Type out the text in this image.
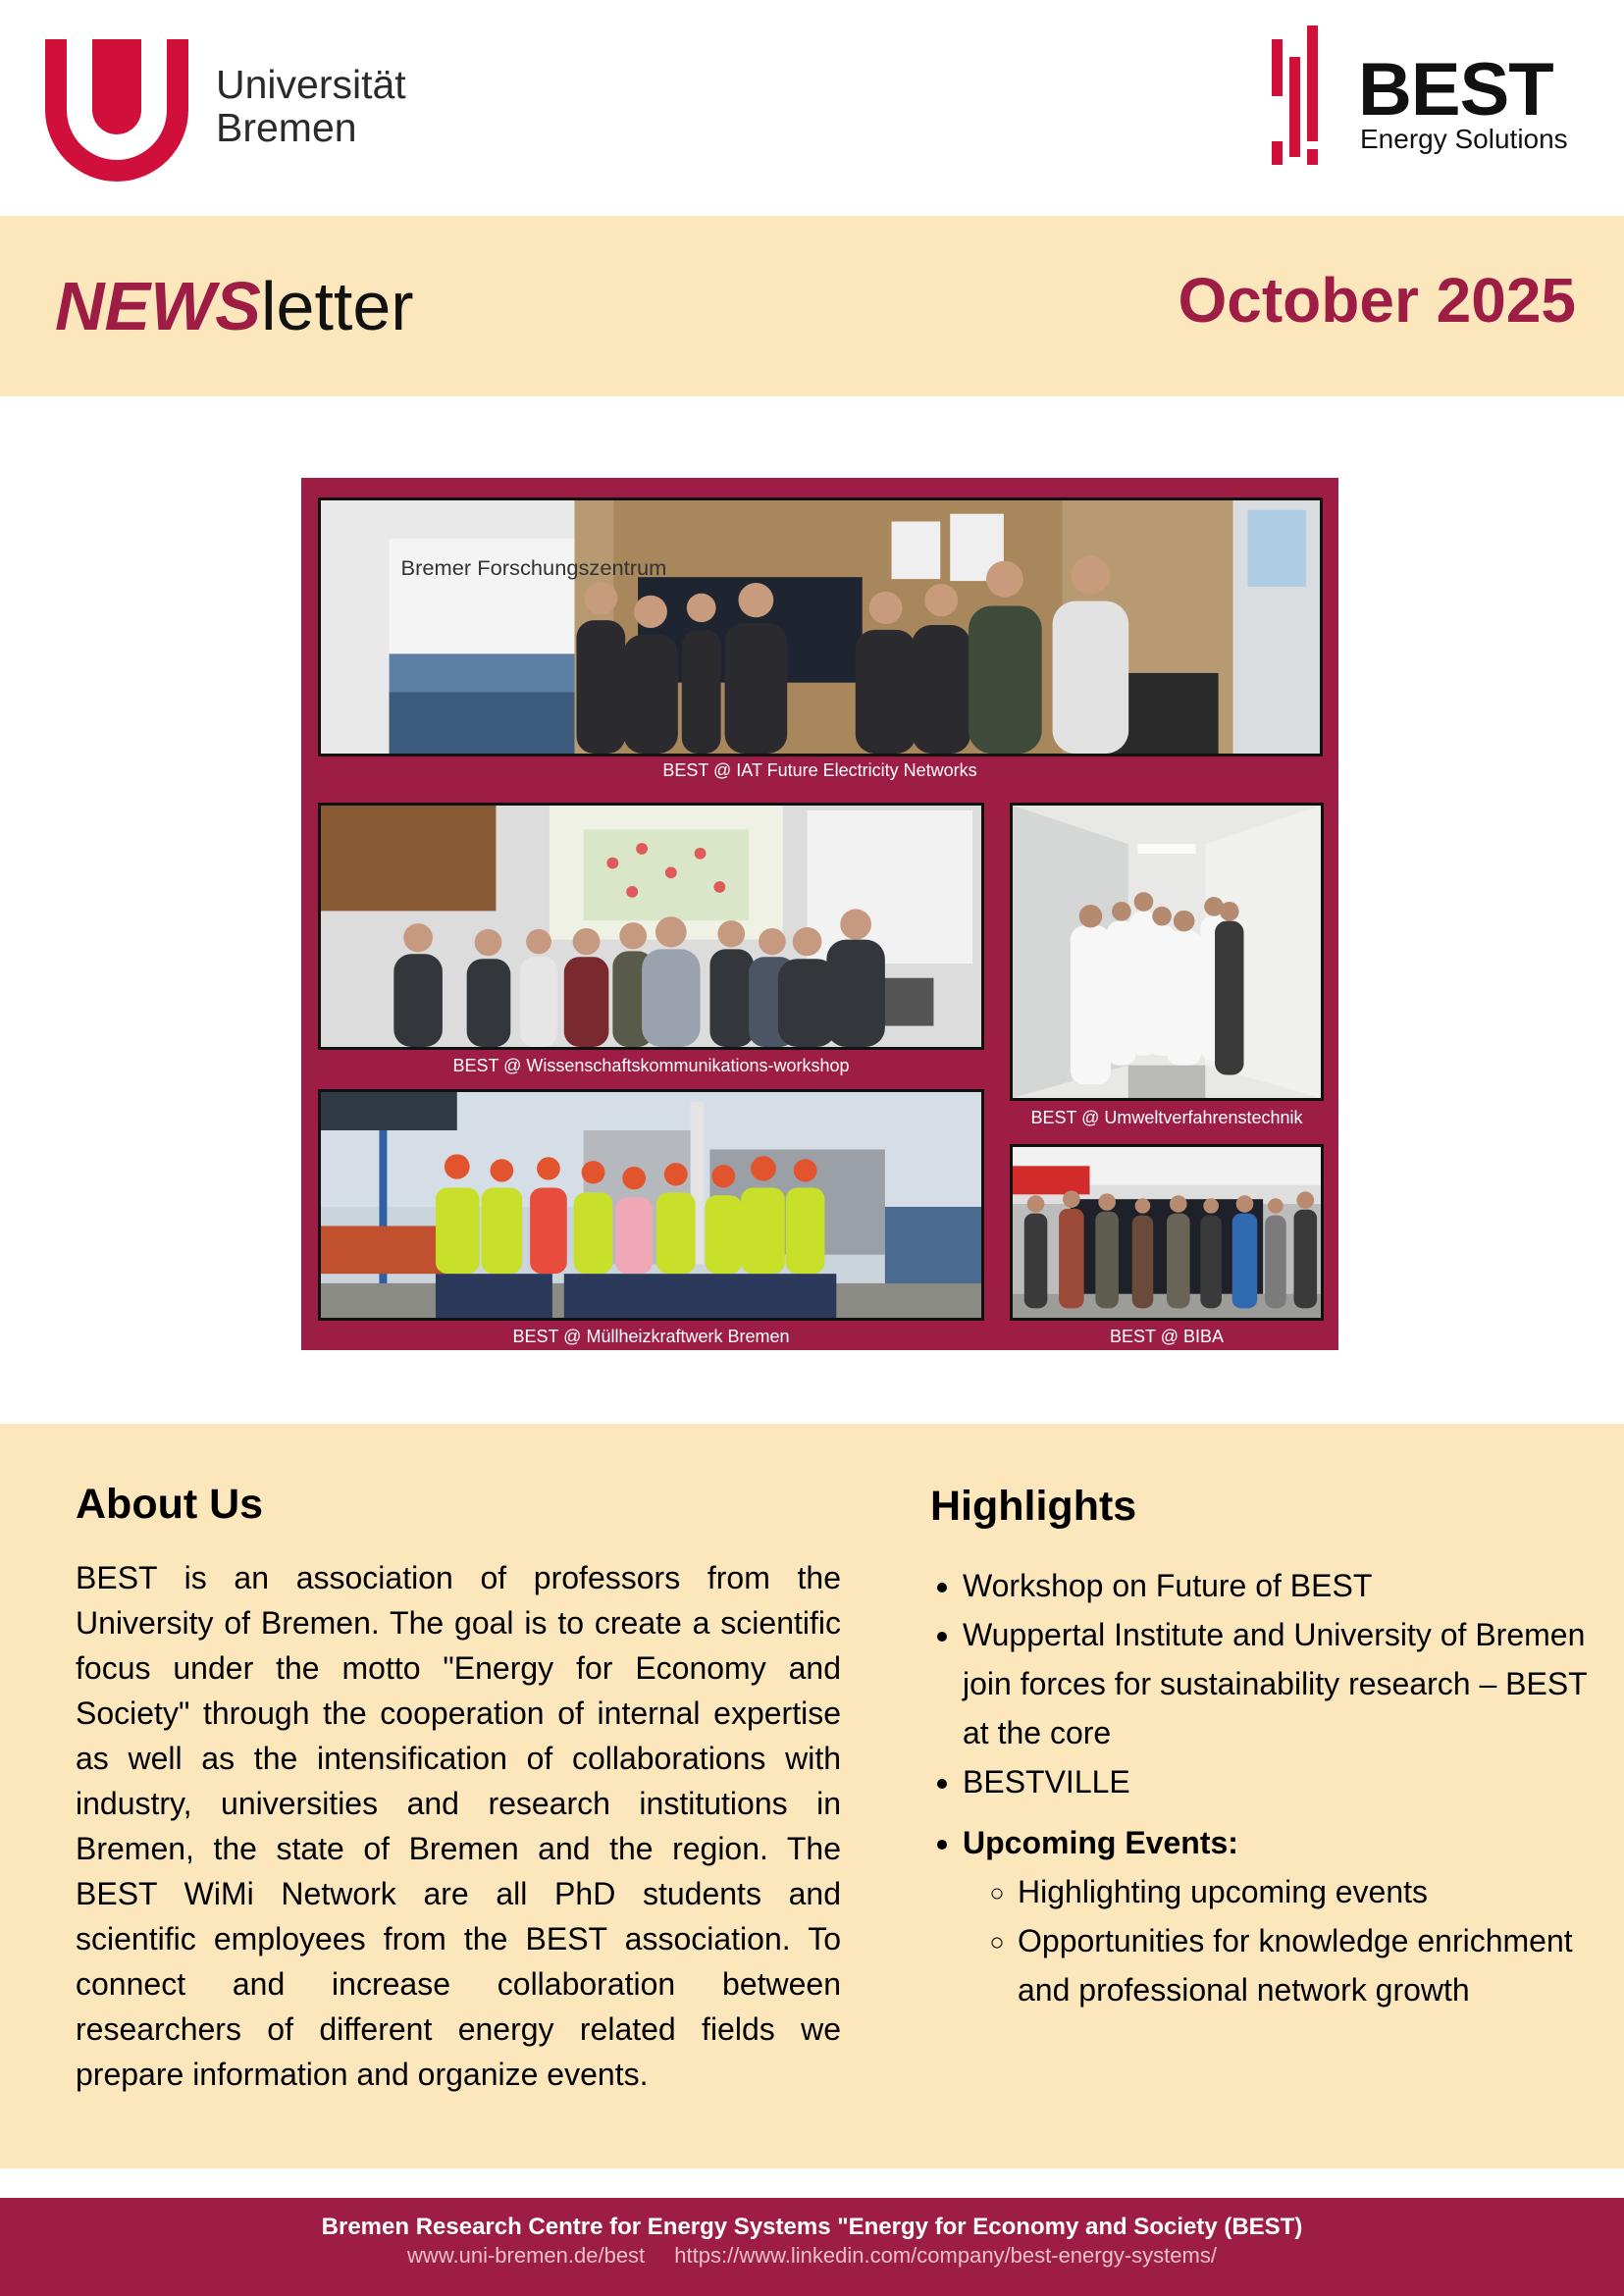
Universität
Bremen	BEST
Energy Solutions
NEWSletter	October 2025
Bremer Forschungszentrum
BEST @ IAT Future Electricity Networks
BEST @ Wissenschaftskommunikations-workshop
BEST @ Umweltverfahrenstechnik
BEST @ Müllheizkraftwerk Bremen	BEST @ BIBA
About Us
BEST is an association of professors from the University of Bremen. The goal is to create a scientific focus under the motto "Energy for Economy and Society" through the cooperation of internal expertise as well as the intensification of collaborations with industry, universities and research institutions in Bremen, the state of Bremen and the region. The BEST WiMi Network are all PhD students and scientific employees from the BEST association. To connect and increase collaboration between researchers of different energy related fields we prepare information and organize events.
Highlights
• Workshop on Future of BEST
• Wuppertal Institute and University of Bremen join forces for sustainability research – BEST at the core
• BESTVILLE
• Upcoming Events:
◦ Highlighting upcoming events
◦ Opportunities for knowledge enrichment and professional network growth
Bremen Research Centre for Energy Systems "Energy for Economy and Society (BEST)
www.uni-bremen.de/best https://www.linkedin.com/company/best-energy-systems/
